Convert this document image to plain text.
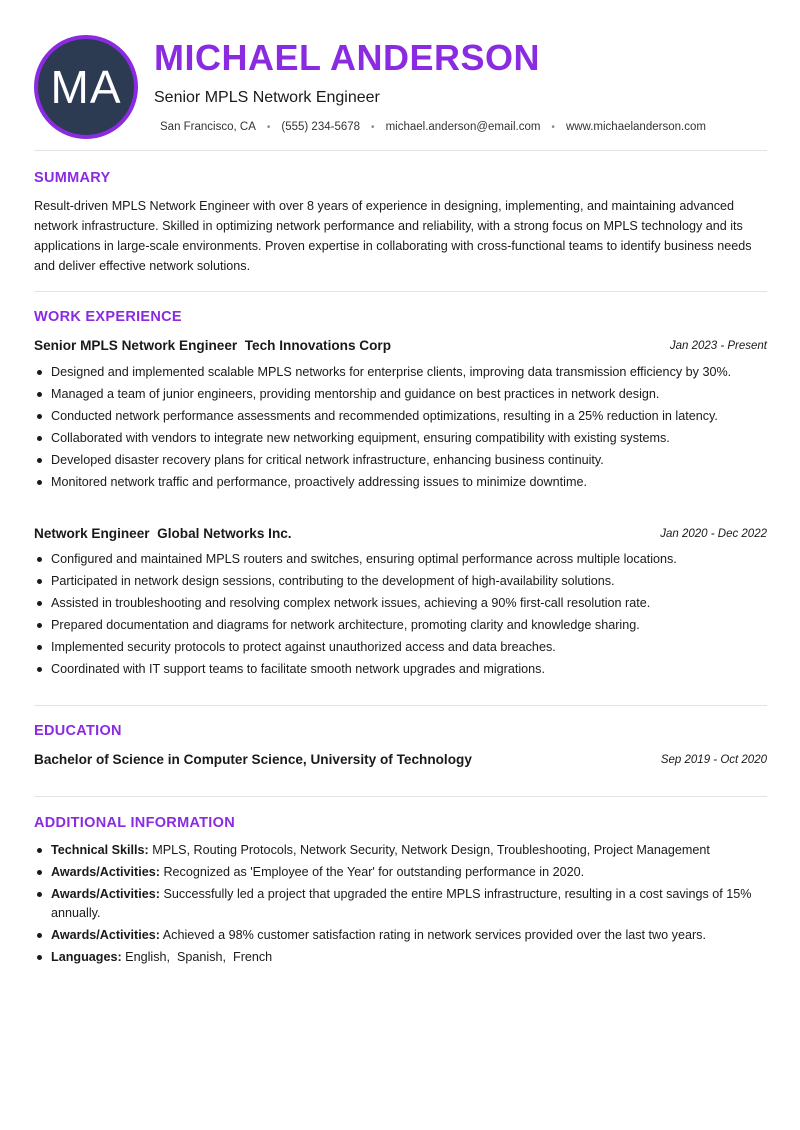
MA
MICHAEL ANDERSON
Senior MPLS Network Engineer
San Francisco, CA • (555) 234-5678 • michael.anderson@email.com • www.michaelanderson.com
SUMMARY
Result-driven MPLS Network Engineer with over 8 years of experience in designing, implementing, and maintaining advanced network infrastructure. Skilled in optimizing network performance and reliability, with a strong focus on MPLS technology and its applications in large-scale environments. Proven expertise in collaborating with cross-functional teams to identify business needs and deliver effective network solutions.
WORK EXPERIENCE
Senior MPLS Network Engineer  Tech Innovations Corp	Jan 2023 - Present
Designed and implemented scalable MPLS networks for enterprise clients, improving data transmission efficiency by 30%.
Managed a team of junior engineers, providing mentorship and guidance on best practices in network design.
Conducted network performance assessments and recommended optimizations, resulting in a 25% reduction in latency.
Collaborated with vendors to integrate new networking equipment, ensuring compatibility with existing systems.
Developed disaster recovery plans for critical network infrastructure, enhancing business continuity.
Monitored network traffic and performance, proactively addressing issues to minimize downtime.
Network Engineer  Global Networks Inc.	Jan 2020 - Dec 2022
Configured and maintained MPLS routers and switches, ensuring optimal performance across multiple locations.
Participated in network design sessions, contributing to the development of high-availability solutions.
Assisted in troubleshooting and resolving complex network issues, achieving a 90% first-call resolution rate.
Prepared documentation and diagrams for network architecture, promoting clarity and knowledge sharing.
Implemented security protocols to protect against unauthorized access and data breaches.
Coordinated with IT support teams to facilitate smooth network upgrades and migrations.
EDUCATION
Bachelor of Science in Computer Science, University of Technology	Sep 2019 - Oct 2020
ADDITIONAL INFORMATION
Technical Skills: MPLS, Routing Protocols, Network Security, Network Design, Troubleshooting, Project Management
Awards/Activities: Recognized as 'Employee of the Year' for outstanding performance in 2020.
Awards/Activities: Successfully led a project that upgraded the entire MPLS infrastructure, resulting in a cost savings of 15% annually.
Awards/Activities: Achieved a 98% customer satisfaction rating in network services provided over the last two years.
Languages: English,  Spanish,  French
